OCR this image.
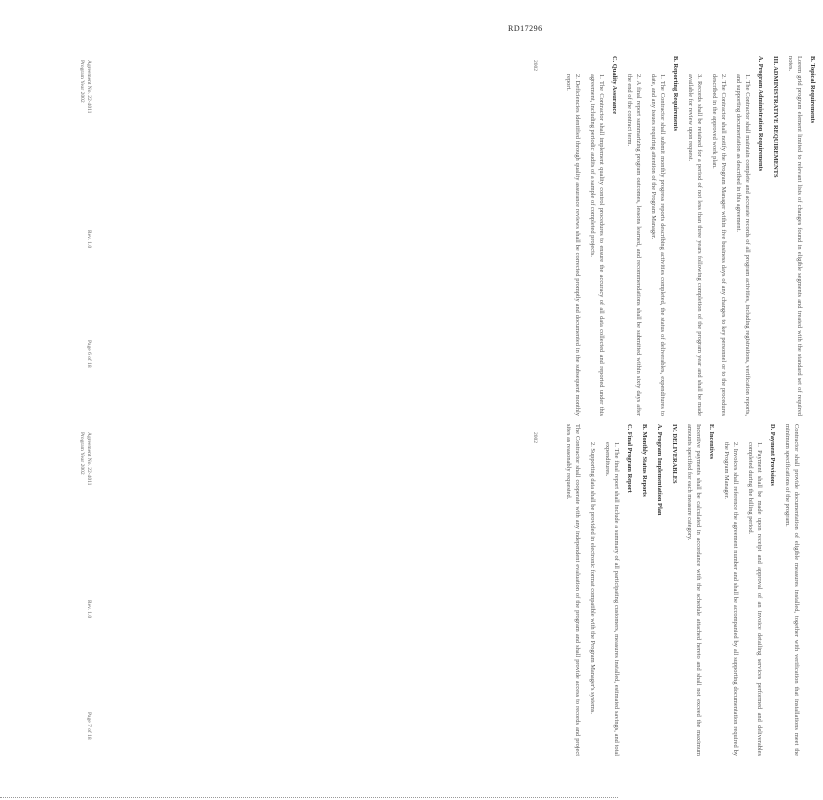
RD17296

B. Topical Requirements

Lorem grid program element limited to relevant lists of changes found in eligible segments and treated with the standard set of required notes.

III. ADMINISTRATIVE REQUIREMENTS

A. Program Administration Requirements

1. The Contractor shall maintain complete and accurate records of all program activities, including registrations, verification reports, and supporting documentation as described in this agreement.

2. The Contractor shall notify the Program Manager within five business days of any changes to key personnel or to the procedures described in the approved work plan.

3. Records shall be retained for a period of not less than three years following completion of the program year and shall be made available for review upon request.

B. Reporting Requirements

1. The Contractor shall submit monthly progress reports describing activities completed, the status of deliverables, expenditures to date, and any issues requiring attention of the Program Manager.

2. A final report summarizing program outcomes, lessons learned, and recommendations shall be submitted within sixty days after the end of the contract term.

C. Quality Assurance

1. The Contractor shall implement quality control procedures to ensure the accuracy of all data collected and reported under this agreement, including periodic audits of a sample of completed projects.

2. Deficiencies identified through quality assurance reviews shall be corrected promptly and documented in the subsequent monthly report.

Contractor shall provide documentation of eligible measures installed, together with verification that installations meet the minimum specifications of the program.

D. Payment Provisions

1. Payment shall be made upon receipt and approval of an invoice detailing services performed and deliverables completed during the billing period.

2. Invoices shall reference the agreement number and shall be accompanied by all supporting documentation required by the Program Manager.

E. Incentives

Incentive payments shall be calculated in accordance with the schedule attached hereto and shall not exceed the maximum amounts specified for each measure category.

IV. DELIVERABLES

A. Program Implementation Plan

B. Monthly Status Reports

C. Final Program Report

1. The final report shall include a summary of all participating customers, measures installed, estimated savings, and total expenditures.

2. Supporting data shall be provided in electronic format compatible with the Program Manager's systems.

The Contractor shall cooperate with any independent evaluation of the program and shall provide access to records and project sites as reasonably requested.

Agreement No. 22-4011
Program Year 2002
Rev. 1.0
Page 6 of 18
Agreement No. 22-4011
Program Year 2002
Rev. 1.0
Page 7 of 18
2002
2002
